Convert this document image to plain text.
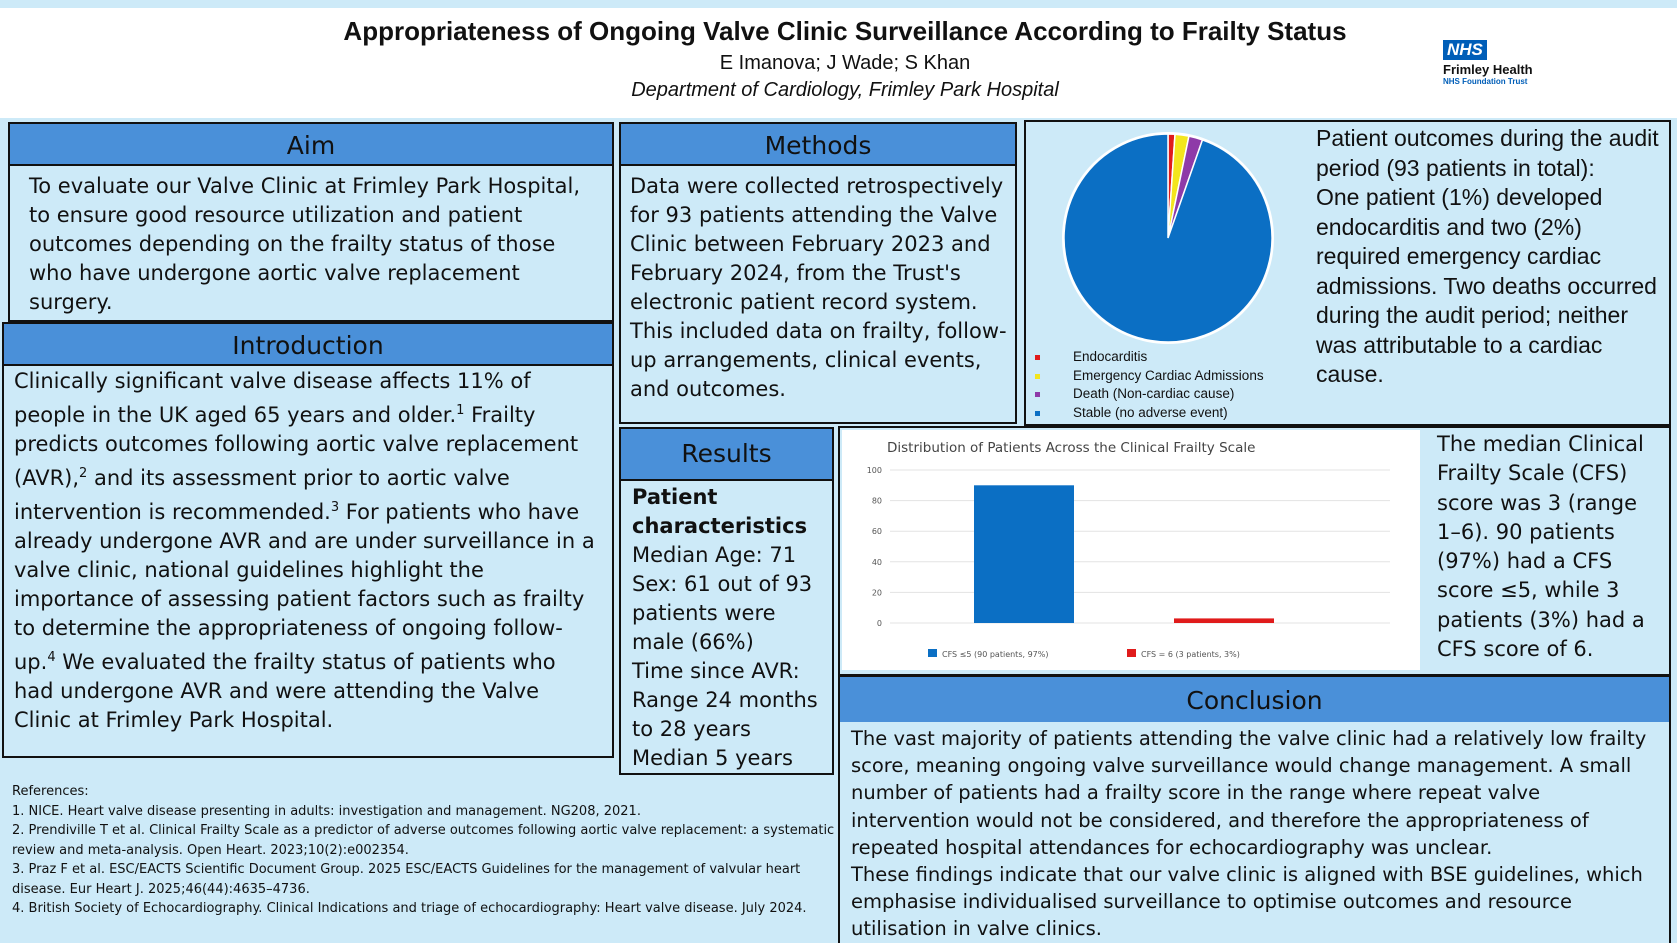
Appropriateness of Ongoing Valve Clinic Surveillance According to Frailty Status
E Imanova; J Wade; S Khan
Department of Cardiology, Frimley Park Hospital
NHS
Frimley Health
NHS Foundation Trust
Aim
To evaluate our Valve Clinic at Frimley Park Hospital, to ensure good resource utilization and patient outcomes depending on the frailty status of those who have undergone aortic valve replacement surgery.
Introduction
Clinically significant valve disease affects 11% of people in the UK aged 65 years and older.$^1$ Frailty predicts outcomes following aortic valve replacement (AVR),$^2$ and its assessment prior to aortic valve intervention is recommended.$^3$ For patients who have already undergone AVR and are under surveillance in a valve clinic, national guidelines highlight the importance of assessing patient factors such as frailty to determine the appropriateness of ongoing follow-up.$^4$ We evaluated the frailty status of patients who had undergone AVR and were attending the Valve Clinic at Frimley Park Hospital.
Methods
Data were collected retrospectively for 93 patients attending the Valve Clinic between February 2023 and February 2024, from the Trust's electronic patient record system. This included data on frailty, follow-up arrangements, clinical events, and outcomes.
Results
Patient characteristics
Median Age: 71
Sex: 61 out of 93 patients were male (66%)
Time since AVR: Range 24 months to 28 years
Median 5 years
Endocarditis
Emergency Cardiac Admissions
Death (Non-cardiac cause)
Stable (no adverse event)
Patient outcomes during the audit period (93 patients in total):
One patient (1%) developed endocarditis and two (2%) required emergency cardiac admissions. Two deaths occurred during the audit period; neither was attributable to a cardiac cause.
Distribution of Patients Across the Clinical Frailty Scale
0
20
40
60
80
100
CFS ≤5 (90 patients, 97%)	CFS = 6 (3 patients, 3%)
The median Clinical Frailty Scale (CFS) score was 3 (range 1–6). 90 patients (97%) had a CFS score ≤5, while 3 patients (3%) had a CFS score of 6.
Conclusion
The vast majority of patients attending the valve clinic had a relatively low frailty score, meaning ongoing valve surveillance would change management. A small number of patients had a frailty score in the range where repeat valve intervention would not be considered, and therefore the appropriateness of repeated hospital attendances for echocardiography was unclear.
These findings indicate that our valve clinic is aligned with BSE guidelines, which emphasise individualised surveillance to optimise outcomes and resource utilisation in valve clinics.
References:
1. NICE. Heart valve disease presenting in adults: investigation and management. NG208, 2021.
2. Prendiville T et al. Clinical Frailty Scale as a predictor of adverse outcomes following aortic valve replacement: a systematic review and meta-analysis. Open Heart. 2023;10(2):e002354.
3. Praz F et al. ESC/EACTS Scientific Document Group. 2025 ESC/EACTS Guidelines for the management of valvular heart disease. Eur Heart J. 2025;46(44):4635–4736.
4. British Society of Echocardiography. Clinical Indications and triage of echocardiography: Heart valve disease. July 2024.
